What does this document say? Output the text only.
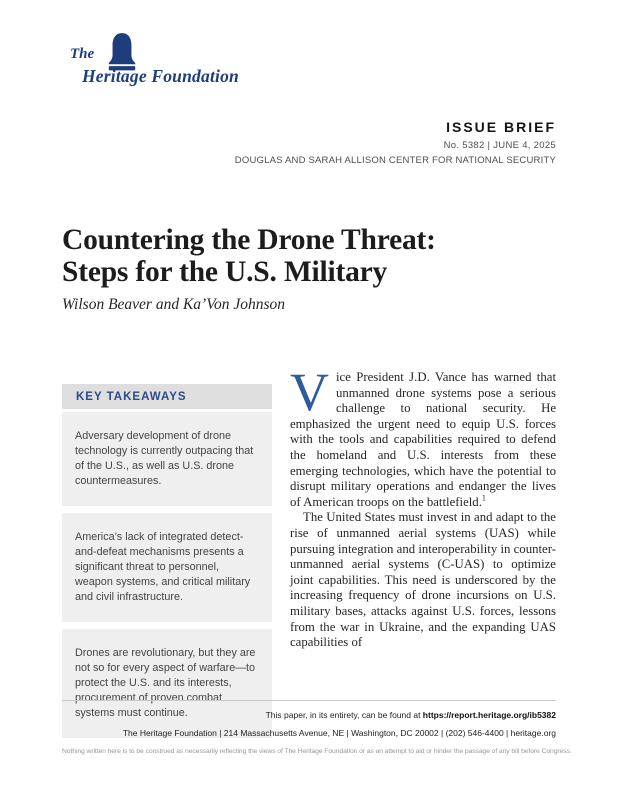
The
Heritage Foundation
ISSUE BRIEF
No. 5382 | JUNE 4, 2025
DOUGLAS AND SARAH ALLISON CENTER FOR NATIONAL SECURITY
Countering the Drone Threat:
Steps for the U.S. Military
Wilson Beaver and Ka’Von Johnson
KEY TAKEAWAYS
Adversary development of drone technology is currently outpacing that of the U.S., as well as U.S. drone countermeasures.
America’s lack of integrated detect-and-defeat mechanisms presents a significant threat to personnel, weapon systems, and critical military and civil infrastructure.
Drones are revolutionary, but they are not so for every aspect of warfare—to protect the U.S. and its interests, procurement of proven combat systems must continue.

Vice President J.D. Vance has warned that unmanned drone systems pose a serious challenge to national security. He emphasized the urgent need to equip U.S. forces with the tools and capabilities required to defend the homeland and U.S. interests from these emerging technologies, which have the potential to disrupt military operations and endanger the lives of American troops on the battlefield.$^1$

The United States must invest in and adapt to the rise of unmanned aerial systems (UAS) while pursuing integration and interoperability in counter-unmanned aerial systems (C-UAS) to optimize joint capabilities. This need is underscored by the increasing frequency of drone incursions on U.S. military bases, attacks against U.S. forces, lessons from the war in Ukraine, and the expanding UAS capabilities of

This paper, in its entirety, can be found at https://report.heritage.org/ib5382
The Heritage Foundation | 214 Massachusetts Avenue, NE | Washington, DC 20002 | (202) 546-4400 | heritage.org
Nothing written here is to be construed as necessarily reflecting the views of The Heritage Foundation or as an attempt to aid or hinder the passage of any bill before Congress.
